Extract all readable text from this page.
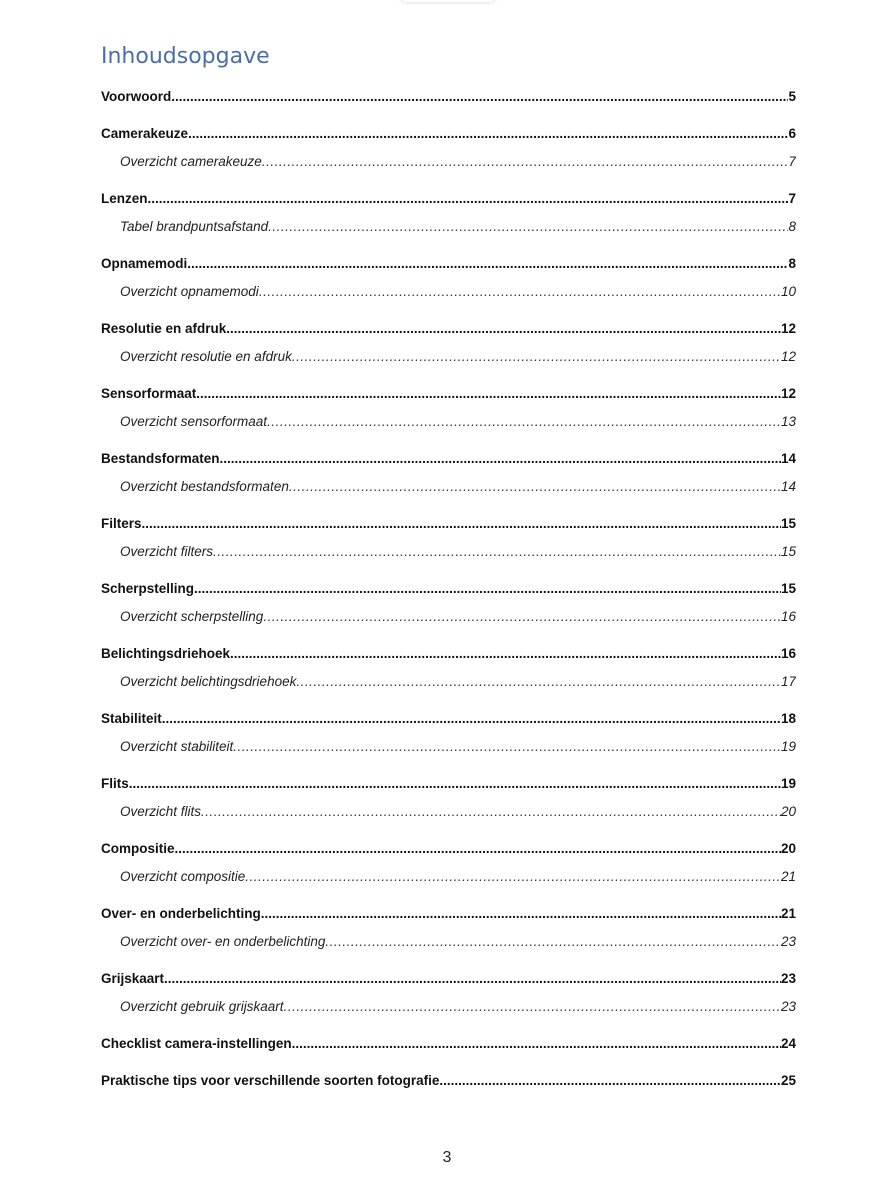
Inhoudsopgave
Voorwoord .....	5
Camerakeuze .....	6
Overzicht camerakeuze .....	7
Lenzen .....	7
Tabel brandpuntsafstand .....	8
Opnamemodi .....	8
Overzicht opnamemodi .....	10
Resolutie en afdruk .....	12
Overzicht resolutie en afdruk .....	12
Sensorformaat .....	12
Overzicht sensorformaat .....	13
Bestandsformaten .....	14
Overzicht bestandsformaten .....	14
Filters .....	15
Overzicht filters .....	15
Scherpstelling .....	15
Overzicht scherpstelling .....	16
Belichtingsdriehoek .....	16
Overzicht belichtingsdriehoek .....	17
Stabiliteit .....	18
Overzicht stabiliteit .....	19
Flits .....	19
Overzicht flits .....	20
Compositie .....	20
Overzicht compositie .....	21
Over- en onderbelichting .....	21
Overzicht over- en onderbelichting .....	23
Grijskaart .....	23
Overzicht gebruik grijskaart .....	23
Checklist camera-instellingen .....	24
Praktische tips voor verschillende soorten fotografie .....	25
3
